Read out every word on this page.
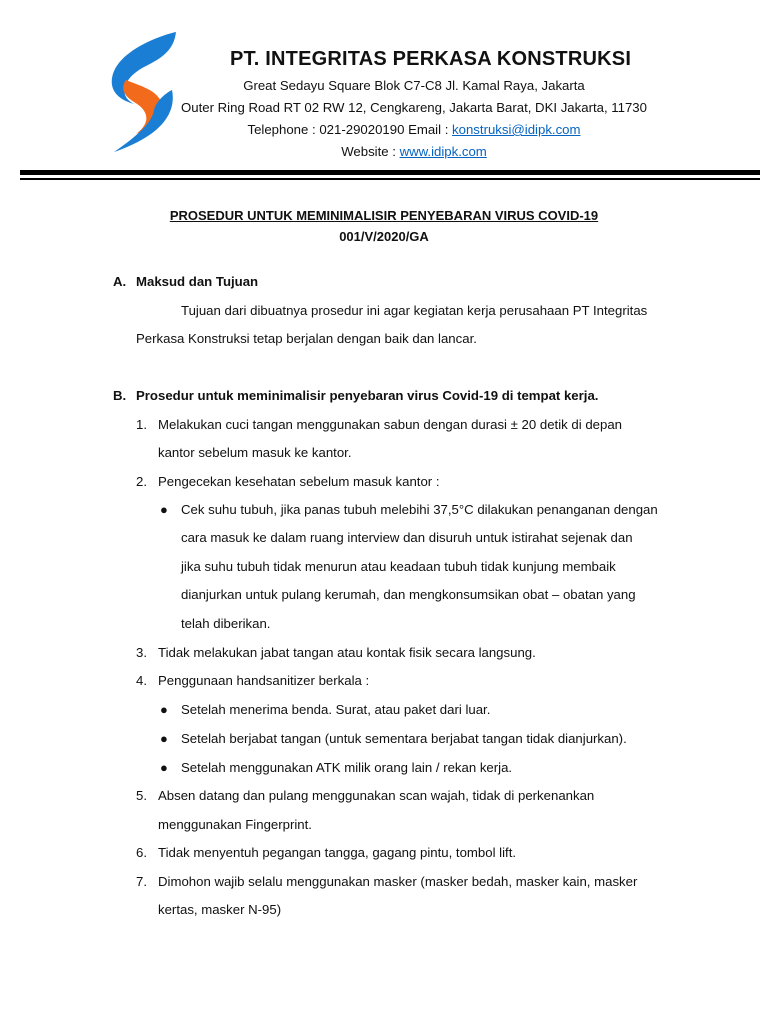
PT. INTEGRITAS PERKASA KONSTRUKSI
Great Sedayu Square Blok C7-C8 Jl. Kamal Raya, Jakarta
Outer Ring Road RT 02 RW 12, Cengkareng, Jakarta Barat, DKI Jakarta, 11730
Telephone : 021-29020190 Email : konstruksi@idipk.com
Website : www.idipk.com
PROSEDUR UNTUK MEMINIMALISIR PENYEBARAN VIRUS COVID-19
001/V/2020/GA
A. Maksud dan Tujuan
Tujuan dari dibuatnya prosedur ini agar kegiatan kerja perusahaan PT Integritas
Perkasa Konstruksi tetap berjalan dengan baik dan lancar.
B. Prosedur untuk meminimalisir penyebaran virus Covid-19 di tempat kerja.
1. Melakukan cuci tangan menggunakan sabun dengan durasi ± 20 detik di depan
kantor sebelum masuk ke kantor.
2. Pengecekan kesehatan sebelum masuk kantor :
● Cek suhu tubuh, jika panas tubuh melebihi 37,5°C dilakukan penanganan dengan
cara masuk ke dalam ruang interview dan disuruh untuk istirahat sejenak dan
jika suhu tubuh tidak menurun atau keadaan tubuh tidak kunjung membaik
dianjurkan untuk pulang kerumah, dan mengkonsumsikan obat – obatan yang
telah diberikan.
3. Tidak melakukan jabat tangan atau kontak fisik secara langsung.
4. Penggunaan handsanitizer berkala :
● Setelah menerima benda. Surat, atau paket dari luar.
● Setelah berjabat tangan (untuk sementara berjabat tangan tidak dianjurkan).
● Setelah menggunakan ATK milik orang lain / rekan kerja.
5. Absen datang dan pulang menggunakan scan wajah, tidak di perkenankan
menggunakan Fingerprint.
6. Tidak menyentuh pegangan tangga, gagang pintu, tombol lift.
7. Dimohon wajib selalu menggunakan masker (masker bedah, masker kain, masker
kertas, masker N-95)
